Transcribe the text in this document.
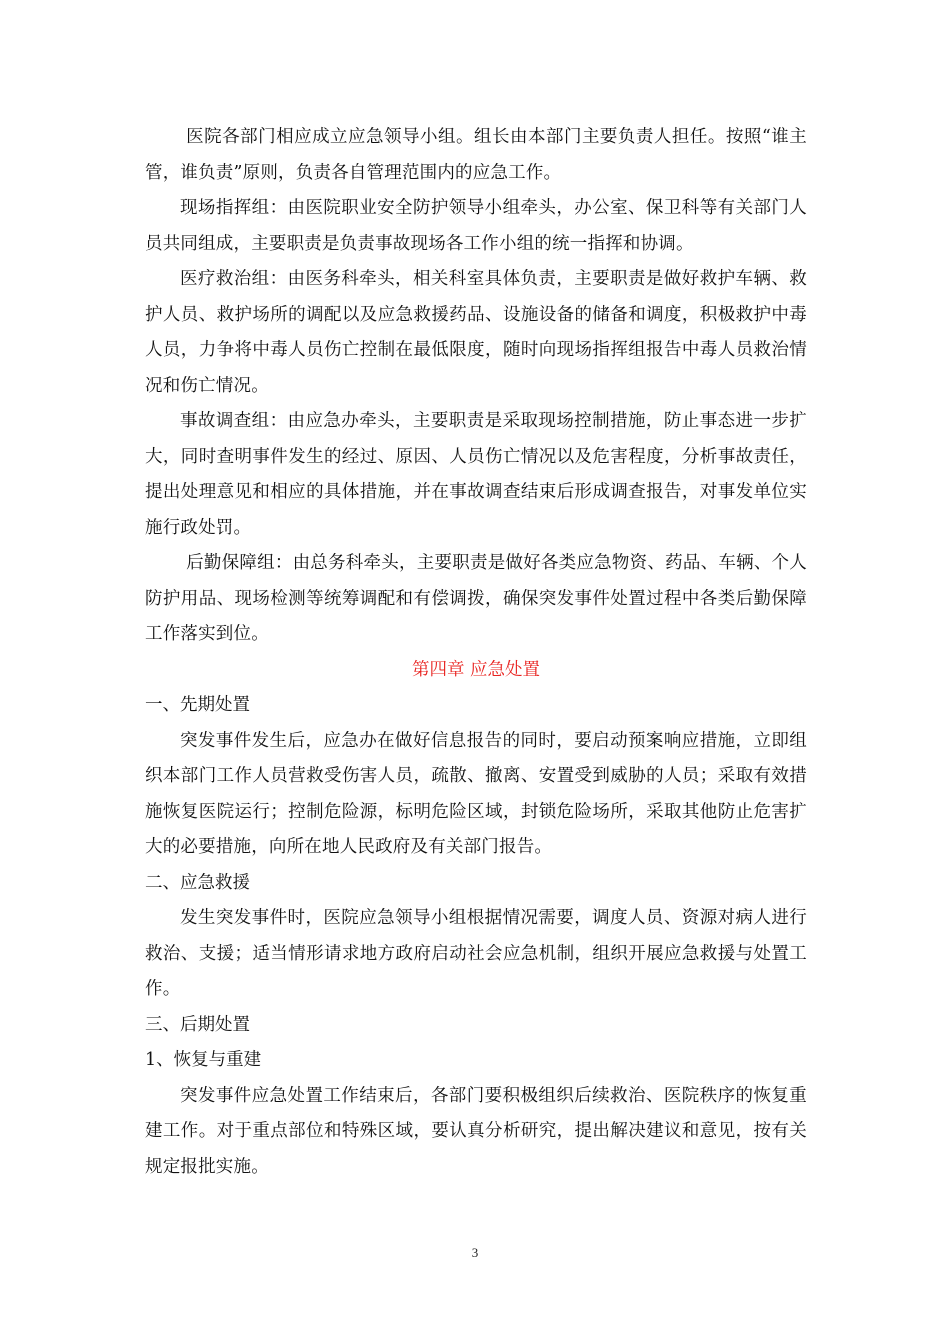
医院各部门相应成立应急领导小组。组长由本部门主要负责人担任。按照“谁主管，谁负责”原则，负责各自管理范围内的应急工作。

现场指挥组：由医院职业安全防护领导小组牵头，办公室、保卫科等有关部门人员共同组成，主要职责是负责事故现场各工作小组的统一指挥和协调。

医疗救治组：由医务科牵头，相关科室具体负责，主要职责是做好救护车辆、救护人员、救护场所的调配以及应急救援药品、设施设备的储备和调度，积极救护中毒人员，力争将中毒人员伤亡控制在最低限度，随时向现场指挥组报告中毒人员救治情况和伤亡情况。

事故调查组：由应急办牵头，主要职责是采取现场控制措施，防止事态进一步扩大，同时查明事件发生的经过、原因、人员伤亡情况以及危害程度，分析事故责任，提出处理意见和相应的具体措施，并在事故调查结束后形成调查报告，对事发单位实施行政处罚。

后勤保障组：由总务科牵头，主要职责是做好各类应急物资、药品、车辆、个人防护用品、现场检测等统筹调配和有偿调拨，确保突发事件处置过程中各类后勤保障工作落实到位。

第四章 应急处置

一、先期处置

突发事件发生后，应急办在做好信息报告的同时，要启动预案响应措施，立即组织本部门工作人员营救受伤害人员，疏散、撤离、安置受到威胁的人员；采取有效措施恢复医院运行；控制危险源，标明危险区域，封锁危险场所，采取其他防止危害扩大的必要措施，向所在地人民政府及有关部门报告。

二、应急救援

发生突发事件时，医院应急领导小组根据情况需要，调度人员、资源对病人进行救治、支援；适当情形请求地方政府启动社会应急机制，组织开展应急救援与处置工作。

三、后期处置

1、恢复与重建

突发事件应急处置工作结束后，各部门要积极组织后续救治、医院秩序的恢复重建工作。对于重点部位和特殊区域，要认真分析研究，提出解决建议和意见，按有关规定报批实施。

3
